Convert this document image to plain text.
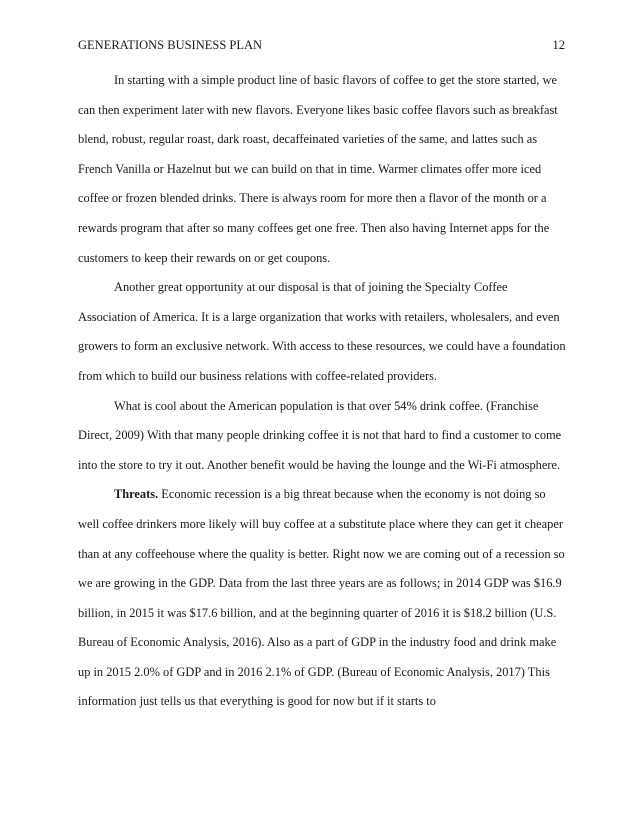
GENERATIONS BUSINESS PLAN	12

In starting with a simple product line of basic flavors of coffee to get the store started, we can then experiment later with new flavors. Everyone likes basic coffee flavors such as breakfast blend, robust, regular roast, dark roast, decaffeinated varieties of the same, and lattes such as French Vanilla or Hazelnut but we can build on that in time. Warmer climates offer more iced coffee or frozen blended drinks. There is always room for more then a flavor of the month or a rewards program that after so many coffees get one free. Then also having Internet apps for the customers to keep their rewards on or get coupons.

Another great opportunity at our disposal is that of joining the Specialty Coffee Association of America. It is a large organization that works with retailers, wholesalers, and even growers to form an exclusive network. With access to these resources, we could have a foundation from which to build our business relations with coffee-related providers.

What is cool about the American population is that over 54% drink coffee. (Franchise Direct, 2009) With that many people drinking coffee it is not that hard to find a customer to come into the store to try it out. Another benefit would be having the lounge and the Wi-Fi atmosphere.

Threats. Economic recession is a big threat because when the economy is not doing so well coffee drinkers more likely will buy coffee at a substitute place where they can get it cheaper than at any coffeehouse where the quality is better. Right now we are coming out of a recession so we are growing in the GDP. Data from the last three years are as follows; in 2014 GDP was $16.9 billion, in 2015 it was $17.6 billion, and at the beginning quarter of 2016 it is $18.2 billion (U.S. Bureau of Economic Analysis, 2016). Also as a part of GDP in the industry food and drink make up in 2015 2.0% of GDP and in 2016 2.1% of GDP. (Bureau of Economic Analysis, 2017) This information just tells us that everything is good for now but if it starts to
